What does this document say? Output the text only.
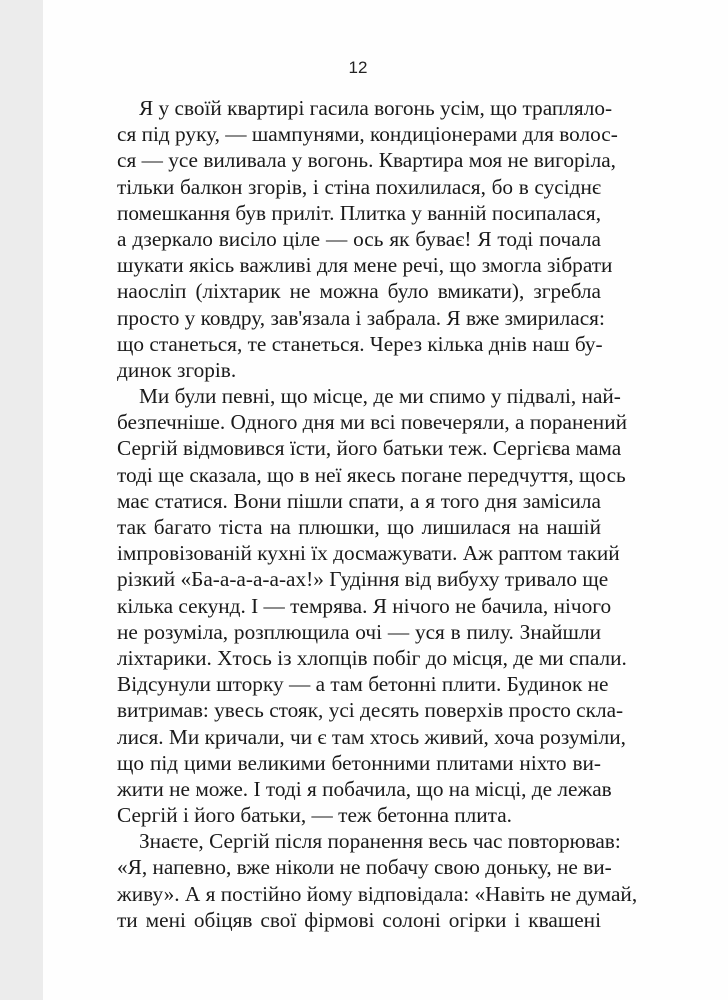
12
Я у своїй квартирі гасила вогонь усім, що трапляло-
ся під руку, — шампунями, кондиціонерами для волос-
ся — усе виливала у вогонь. Квартира моя не вигоріла,
тільки балкон згорів, і стіна похилилася, бо в сусіднє
помешкання був приліт. Плитка у ванній посипалася,
а дзеркало висіло ціле — ось як буває! Я тоді почала
шукати якісь важливі для мене речі, що змогла зібрати
наосліп (ліхтарик не можна було вмикати), згребла
просто у ковдру, зав'язала і забрала. Я вже змирилася:
що станеться, те станеться. Через кілька днів наш бу-
динок згорів.
Ми були певні, що місце, де ми спимо у підвалі, най-
безпечніше. Одного дня ми всі повечеряли, а поранений
Сергій відмовився їсти, його батьки теж. Сергієва мама
тоді ще сказала, що в неї якесь погане передчуття, щось
має статися. Вони пішли спати, а я того дня замісила
так багато тіста на плюшки, що лишилася на нашій
імпровізованій кухні їх досмажувати. Аж раптом такий
різкий «Ба-а-а-а-а-ах!» Гудіння від вибуху тривало ще
кілька секунд. І — темрява. Я нічого не бачила, нічого
не розуміла, розплющила очі — уся в пилу. Знайшли
ліхтарики. Хтось із хлопців побіг до місця, де ми спали.
Відсунули шторку — а там бетонні плити. Будинок не
витримав: увесь стояк, усі десять поверхів просто скла-
лися. Ми кричали, чи є там хтось живий, хоча розуміли,
що під цими великими бетонними плитами ніхто ви-
жити не може. І тоді я побачила, що на місці, де лежав
Сергій і його батьки, — теж бетонна плита.
Знаєте, Сергій після поранення весь час повторював:
«Я, напевно, вже ніколи не побачу свою доньку, не ви-
живу». А я постійно йому відповідала: «Навіть не думай,
ти мені обіцяв свої фірмові солоні огірки і квашені
